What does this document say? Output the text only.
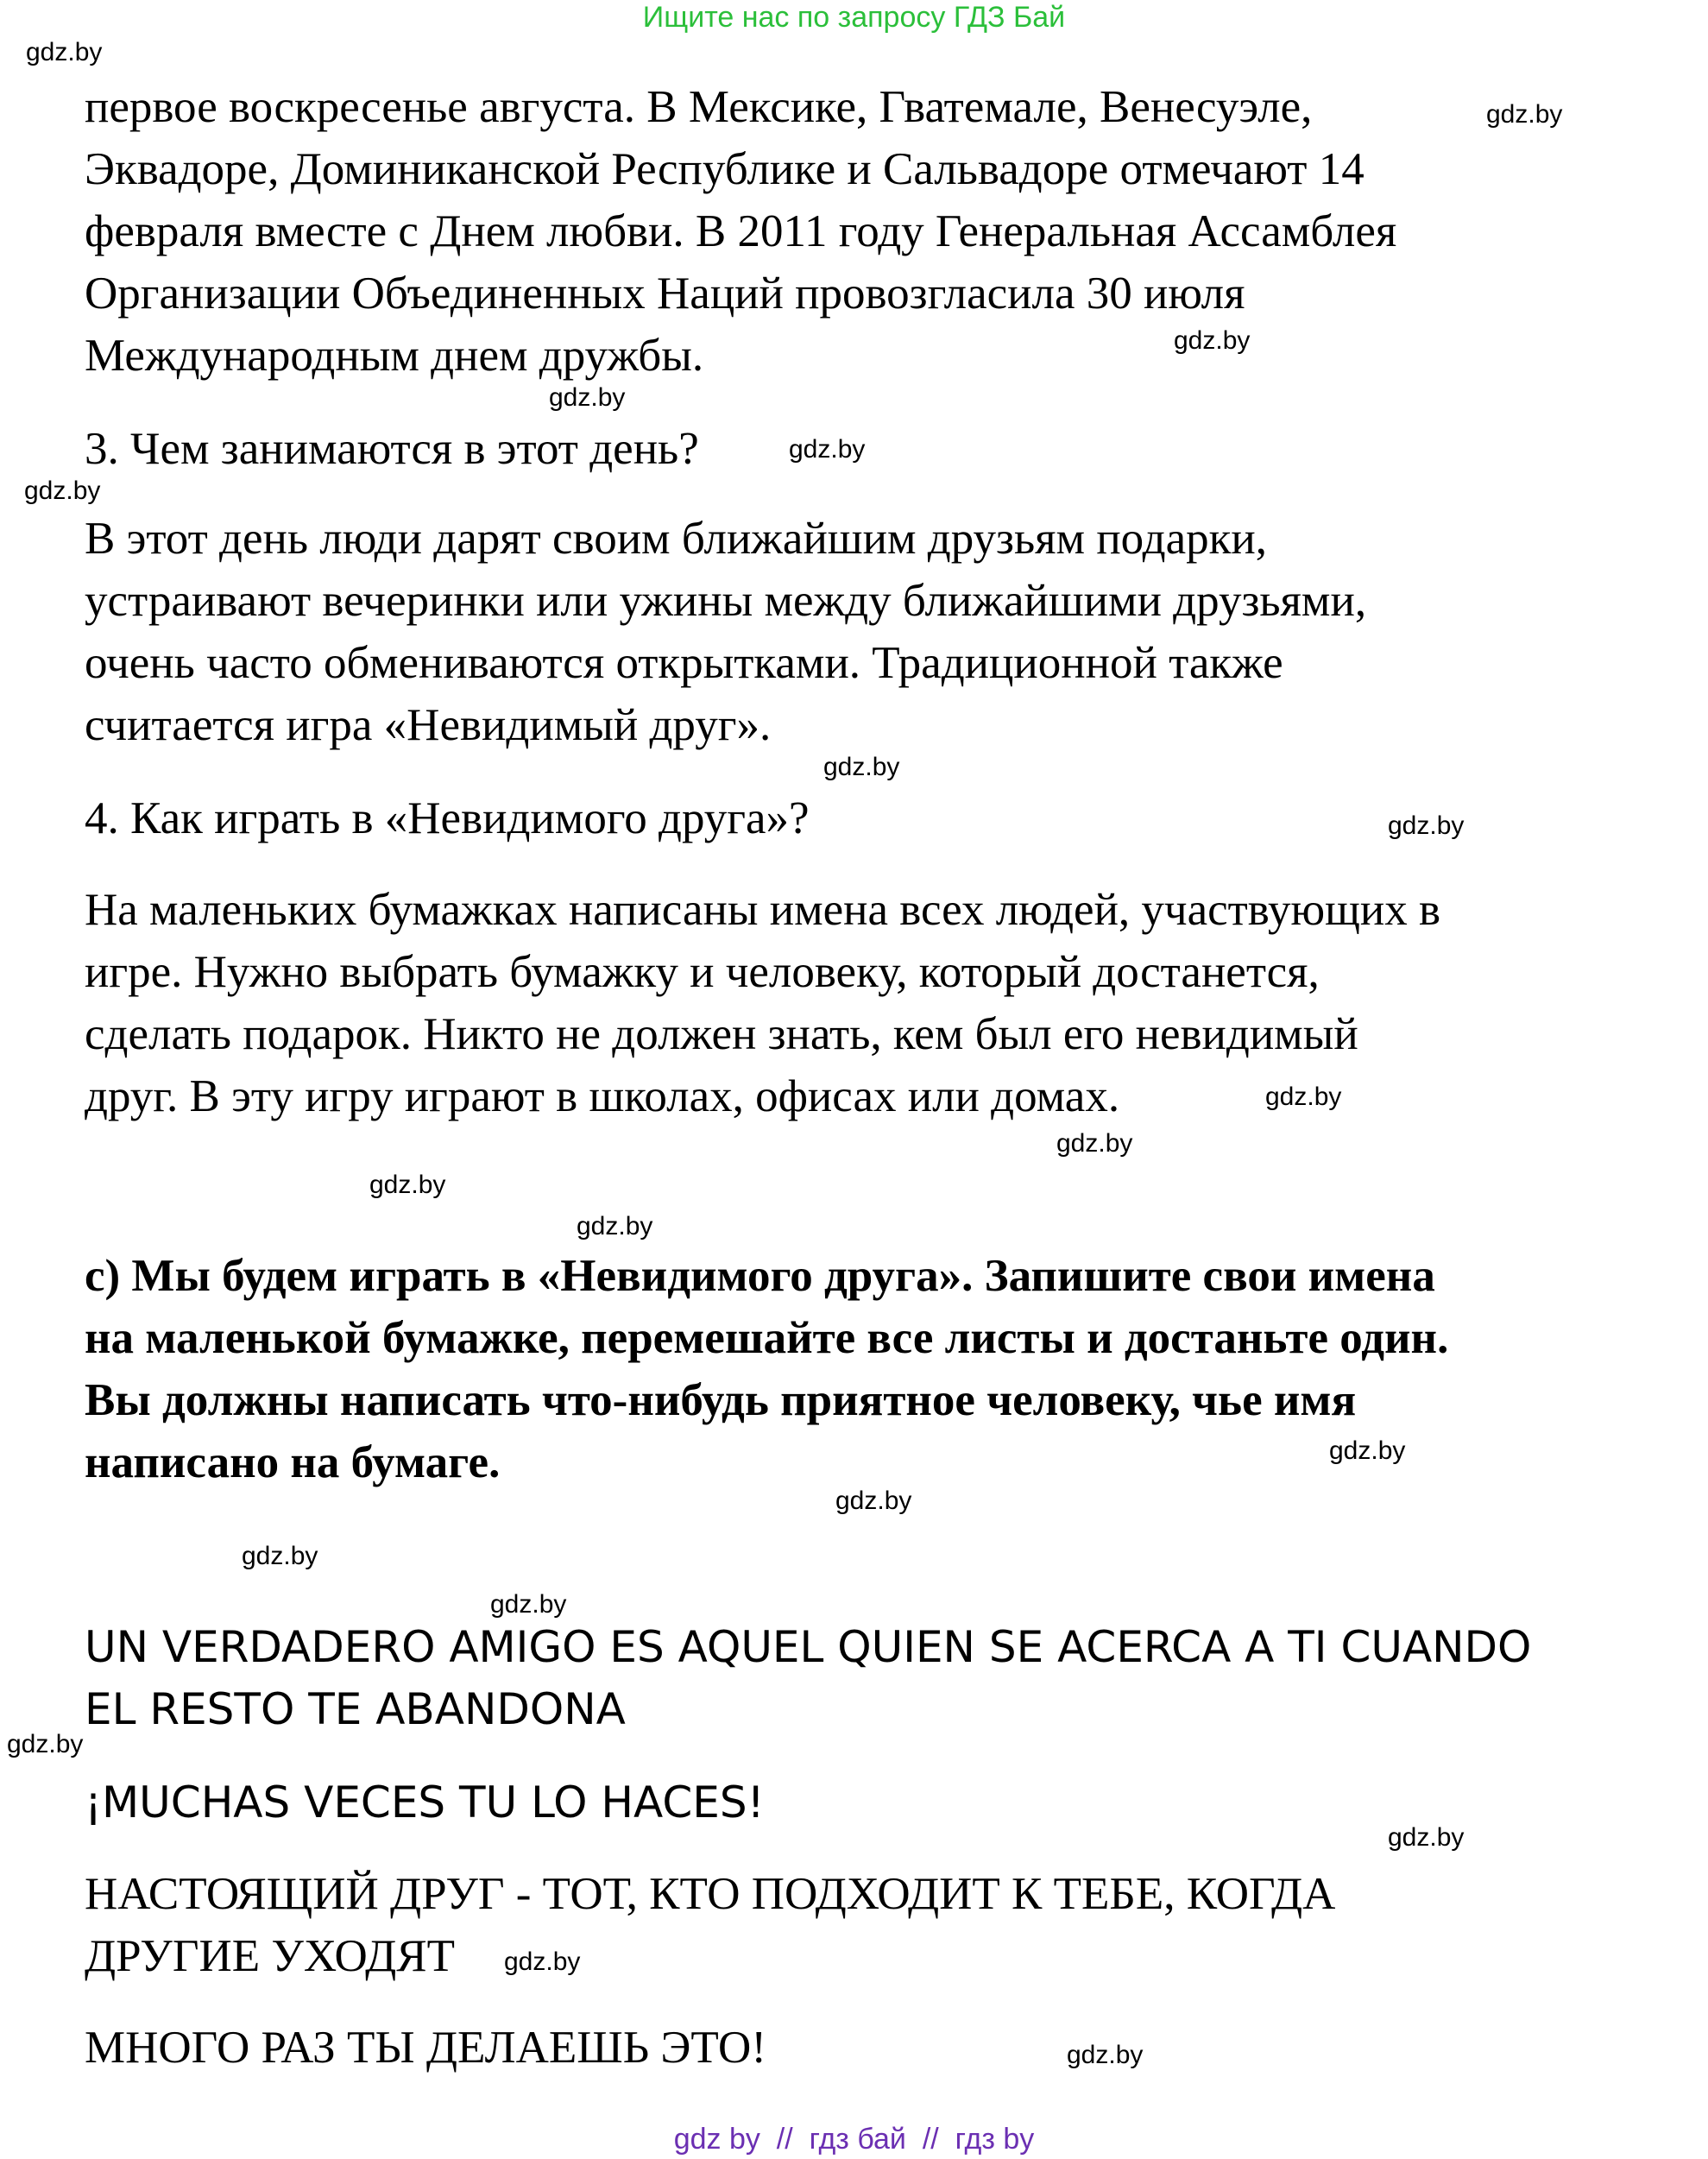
Ищите нас по запросу ГДЗ Бай
первое воскресенье августа. В Мексике, Гватемале, Венесуэле,
Эквадоре, Доминиканской Республике и Сальвадоре отмечают 14
февраля вместе с Днем любви. В 2011 году Генеральная Ассамблея
Организации Объединенных Наций провозгласила 30 июля
Международным днем дружбы.
3. Чем занимаются в этот день?
В этот день люди дарят своим ближайшим друзьям подарки,
устраивают вечеринки или ужины между ближайшими друзьями,
очень часто обмениваются открытками. Традиционной также
считается игра «Невидимый друг».
4. Как играть в «Невидимого друга»?
На маленьких бумажках написаны имена всех людей, участвующих в
игре. Нужно выбрать бумажку и человеку, который достанется,
сделать подарок. Никто не должен знать, кем был его невидимый
друг. В эту игру играют в школах, офисах или домах.
c) Мы будем играть в «Невидимого друга». Запишите свои имена
на маленькой бумажке, перемешайте все листы и достаньте один.
Вы должны написать что-нибудь приятное человеку, чье имя
написано на бумаге.
UN VERDADERO AMIGO ES AQUEL QUIEN SE ACERCA A TI CUANDO
EL RESTO TE ABANDONA
¡MUCHAS VECES TU LO HACES!
НАСТОЯЩИЙ ДРУГ - ТОТ, КТО ПОДХОДИТ К ТЕБЕ, КОГДА
ДРУГИЕ УХОДЯТ
МНОГО РАЗ ТЫ ДЕЛАЕШЬ ЭТО!
gdz.by
gdz.by
gdz.by
gdz.by
gdz.by
gdz.by
gdz.by
gdz.by
gdz.by
gdz.by
gdz.by
gdz.by
gdz.by
gdz.by
gdz.by
gdz.by
gdz.by
gdz.by
gdz.by
gdz.by
gdz by  //  гдз бай  //  гдз by
